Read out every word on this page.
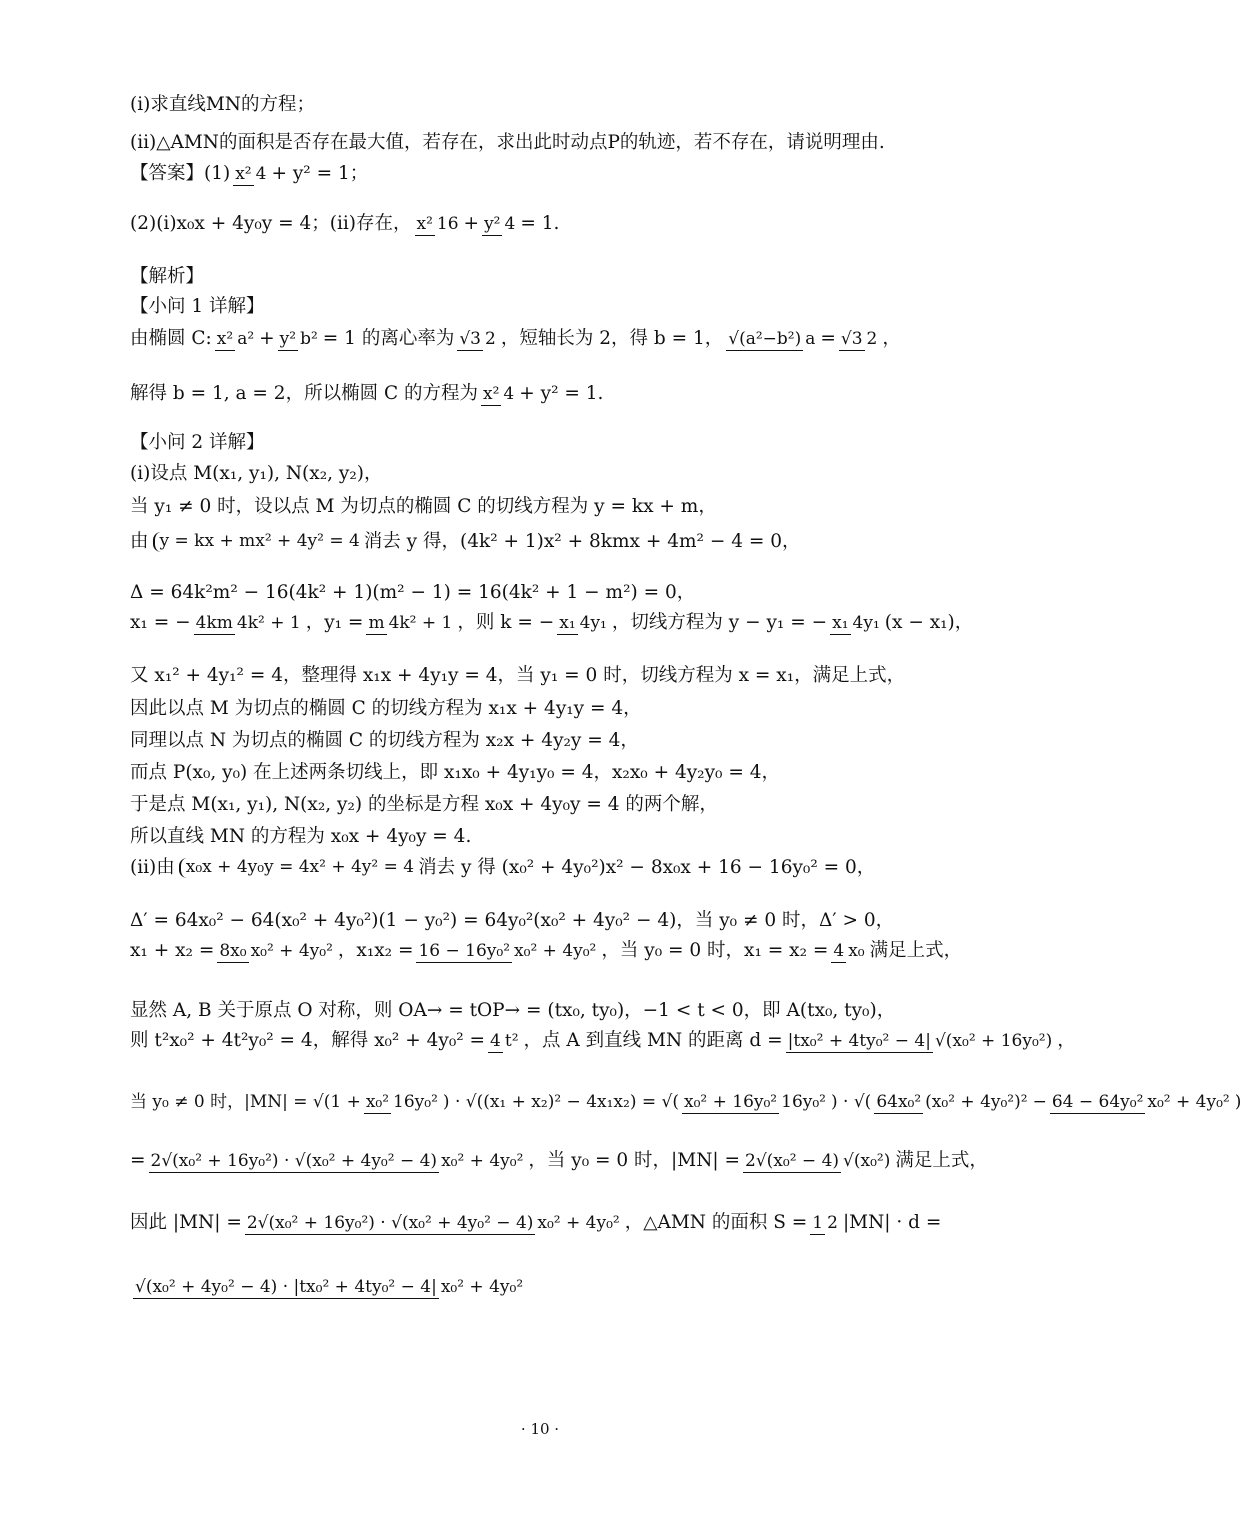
(ⅰ)求直线MN的方程；
(ⅱ)△AMN的面积是否存在最大值，若存在，求出此时动点P的轨迹，若不存在，请说明理由.
【答案】(1) x² 4 + y² = 1；
(2)(ⅰ)x₀x + 4y₀y = 4；(ⅱ)存在， x² 16 + y² 4 = 1.
【解析】
【小问 1 详解】
由椭圆 C: x² a² + y² b² = 1 的离心率为 √3 2 ，短轴长为 2，得 b = 1， √(a²−b²) a = √3 2 ，
解得 b = 1, a = 2，所以椭圆 C 的方程为 x² 4 + y² = 1.
【小问 2 详解】
(ⅰ)设点 M(x₁, y₁), N(x₂, y₂)，
当 y₁ ≠ 0 时，设以点 M 为切点的椭圆 C 的切线方程为 y = kx + m，
由 y = kx + mx² + 4y² = 4 消去 y 得，(4k² + 1)x² + 8kmx + 4m² − 4 = 0，
Δ = 64k²m² − 16(4k² + 1)(m² − 1) = 16(4k² + 1 − m²) = 0，
x₁ = − 4km 4k² + 1 ，y₁ = m 4k² + 1 ，则 k = − x₁ 4y₁ ，切线方程为 y − y₁ = − x₁ 4y₁ (x − x₁)，
又 x₁² + 4y₁² = 4，整理得 x₁x + 4y₁y = 4，当 y₁ = 0 时，切线方程为 x = x₁，满足上式，
因此以点 M 为切点的椭圆 C 的切线方程为 x₁x + 4y₁y = 4，
同理以点 N 为切点的椭圆 C 的切线方程为 x₂x + 4y₂y = 4，
而点 P(x₀, y₀) 在上述两条切线上，即 x₁x₀ + 4y₁y₀ = 4，x₂x₀ + 4y₂y₀ = 4，
于是点 M(x₁, y₁), N(x₂, y₂) 的坐标是方程 x₀x + 4y₀y = 4 的两个解，
所以直线 MN 的方程为 x₀x + 4y₀y = 4.
(ⅱ)由 x₀x + 4y₀y = 4x² + 4y² = 4 消去 y 得 (x₀² + 4y₀²)x² − 8x₀x + 16 − 16y₀² = 0，
Δ′ = 64x₀² − 64(x₀² + 4y₀²)(1 − y₀²) = 64y₀²(x₀² + 4y₀² − 4)，当 y₀ ≠ 0 时，Δ′ > 0，
x₁ + x₂ = 8x₀ x₀² + 4y₀² ，x₁x₂ = 16 − 16y₀² x₀² + 4y₀² ，当 y₀ = 0 时，x₁ = x₂ = 4 x₀ 满足上式，
显然 A, B 关于原点 O 对称，则 OA→ = tOP→ = (tx₀, ty₀)，−1 < t < 0，即 A(tx₀, ty₀)，
则 t²x₀² + 4t²y₀² = 4，解得 x₀² + 4y₀² = 4 t² ，点 A 到直线 MN 的距离 d = |tx₀² + 4ty₀² − 4| √(x₀² + 16y₀²) ，
当 y₀ ≠ 0 时，|MN| = √(1 + x₀² 16y₀² ) · √((x₁ + x₂)² − 4x₁x₂) = √( x₀² + 16y₀² 16y₀² ) · √( 64x₀² (x₀² + 4y₀²)² − 64 − 64y₀² x₀² + 4y₀² )
= 2√(x₀² + 16y₀²) · √(x₀² + 4y₀² − 4) x₀² + 4y₀² ，当 y₀ = 0 时，|MN| = 2√(x₀² − 4) √(x₀²) 满足上式，
因此 |MN| = 2√(x₀² + 16y₀²) · √(x₀² + 4y₀² − 4) x₀² + 4y₀² ，△AMN 的面积 S = 1 2 |MN| · d =
√(x₀² + 4y₀² − 4) · |tx₀² + 4ty₀² − 4| x₀² + 4y₀²
· 10 ·
